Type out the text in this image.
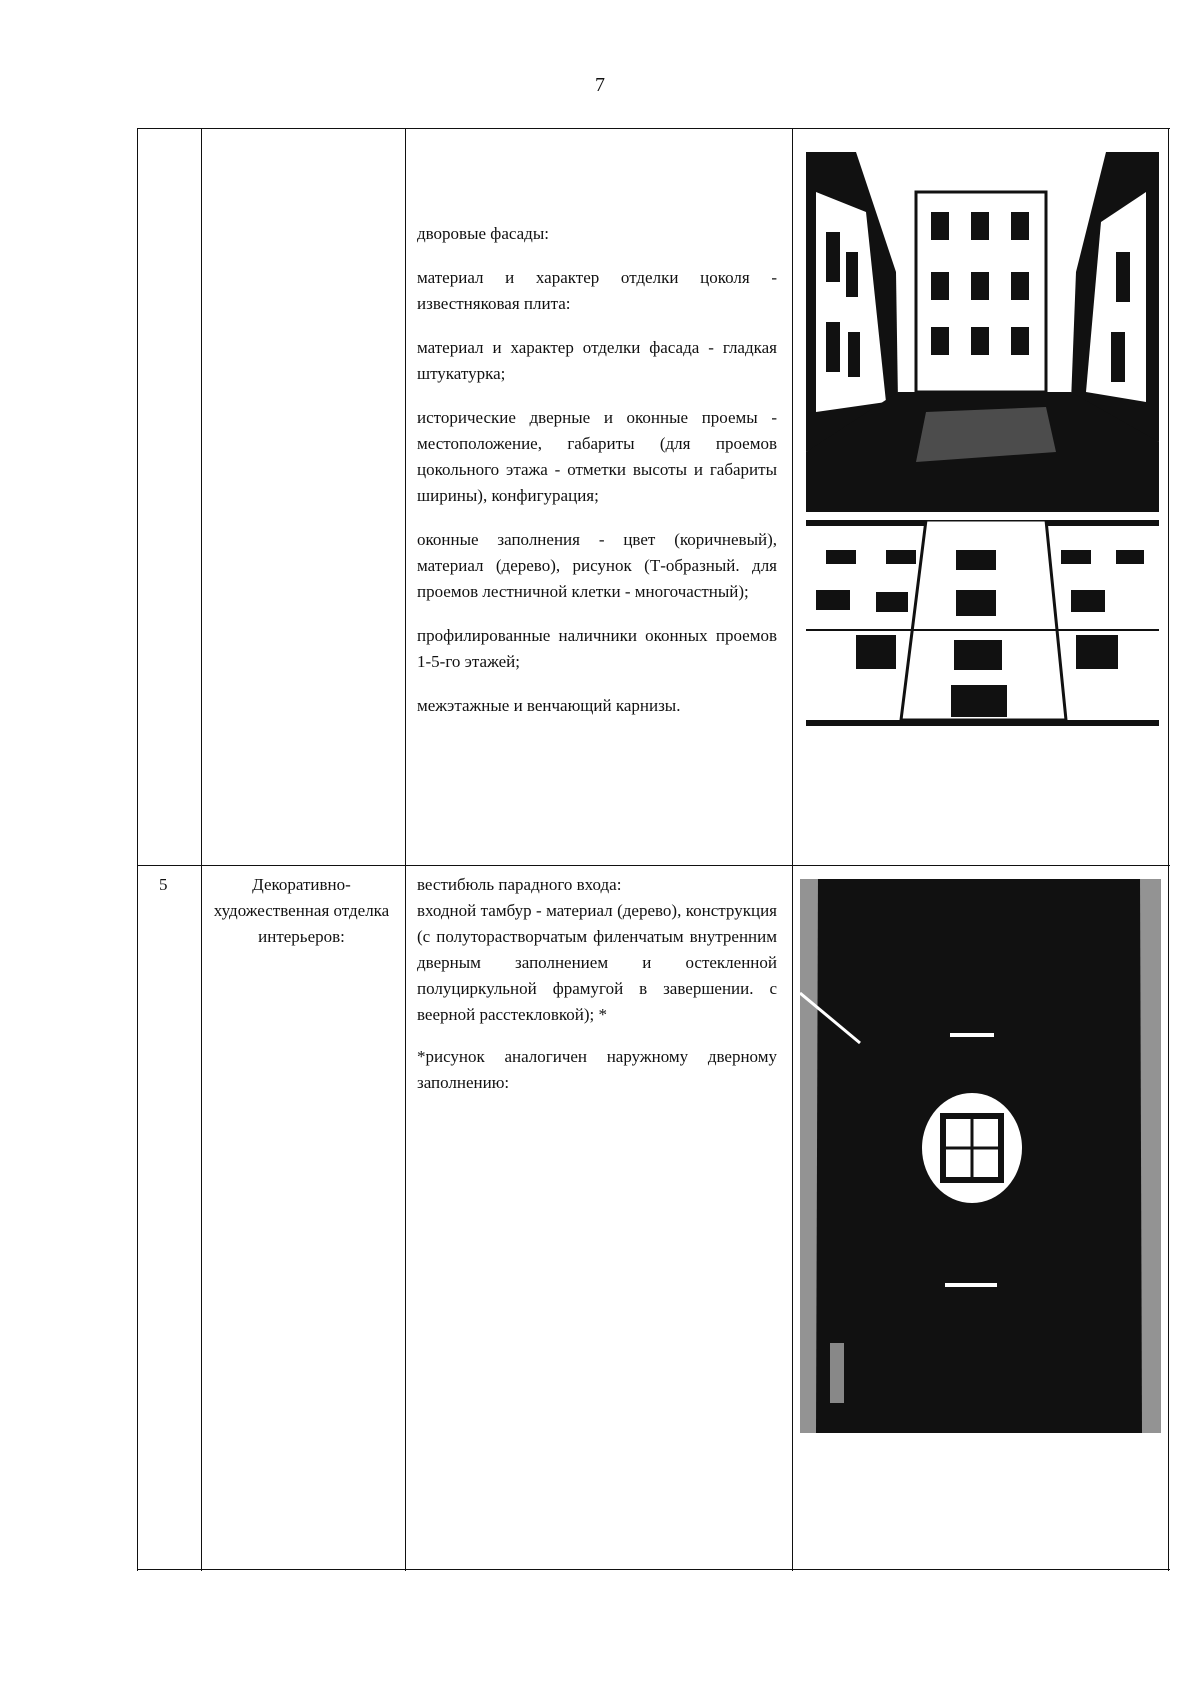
7

дворовые фасады:

материал и характер отделки цоколя - известняковая плита:

материал и характер отделки фасада - гладкая штукатурка;

исторические дверные и оконные проемы - местоположение, габариты (для проемов цокольного этажа - отметки высоты и габариты ширины), конфигурация;

оконные заполнения - цвет (коричневый), материал (дерево), рисунок (Т-образный. для проемов лестничной клетки - многочастный);

профилированные наличники оконных проемов 1-5-го этажей;

межэтажные и венчающий карнизы.

5	Декоративно-художественная отделка интерьеров:

вестибюль парадного входа:

входной тамбур - материал (дерево), конструкция (с полуторастворчатым филенчатым внутренним дверным заполнением и остекленной полуциркульной фрамугой в завершении. с веерной расстекловкой); *

*рисунок аналогичен наружному дверному заполнению:
